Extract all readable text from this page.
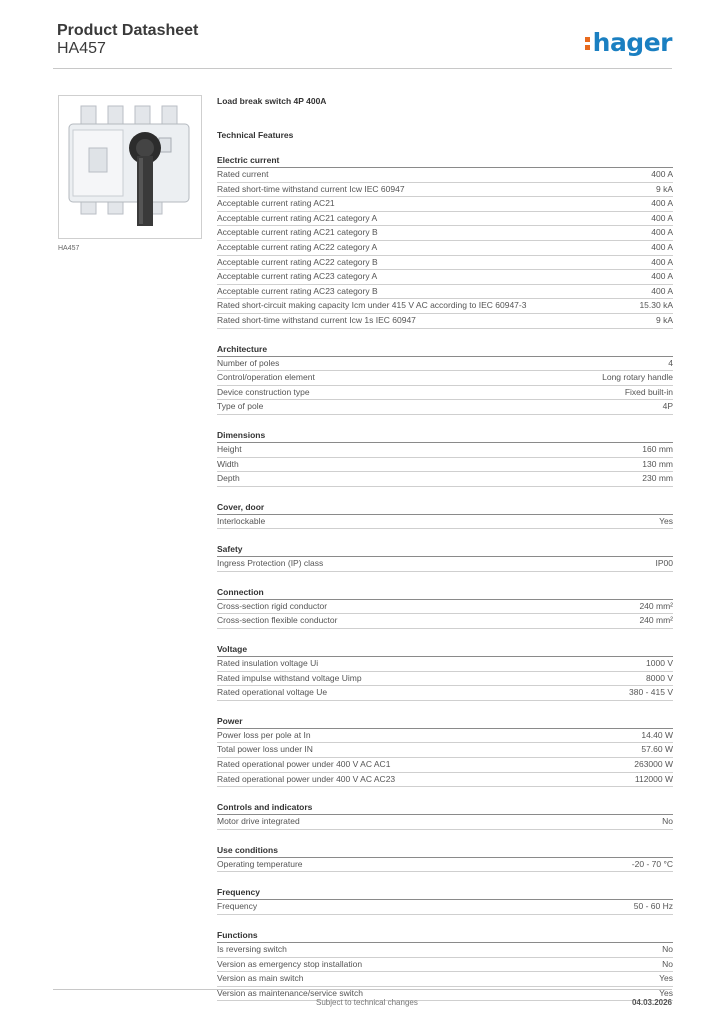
Product Datasheet
HA457	hager
HA457
Load break switch 4P 400A
Technical Features
Electric current
Rated current	400 A
Rated short-time withstand current Icw IEC 60947	9 kA
Acceptable current rating AC21	400 A
Acceptable current rating AC21 category A	400 A
Acceptable current rating AC21 category B	400 A
Acceptable current rating AC22 category A	400 A
Acceptable current rating AC22 category B	400 A
Acceptable current rating AC23 category A	400 A
Acceptable current rating AC23 category B	400 A
Rated short-circuit making capacity Icm under 415 V AC according to IEC 60947-3	15.30 kA
Rated short-time withstand current Icw 1s IEC 60947	9 kA
Architecture
Number of poles	4
Control/operation element	Long rotary handle
Device construction type	Fixed built-in
Type of pole	4P
Dimensions
Height	160 mm
Width	130 mm
Depth	230 mm
Cover, door
Interlockable	Yes
Safety
Ingress Protection (IP) class	IP00
Connection
Cross-section rigid conductor	240 mm²
Cross-section flexible conductor	240 mm²
Voltage
Rated insulation voltage Ui	1000 V
Rated impulse withstand voltage Uimp	8000 V
Rated operational voltage Ue	380 - 415 V
Power
Power loss per pole at In	14.40 W
Total power loss under IN	57.60 W
Rated operational power under 400 V AC AC1	263000 W
Rated operational power under 400 V AC AC23	112000 W
Controls and indicators
Motor drive integrated	No
Use conditions
Operating temperature	-20 - 70 °C
Frequency
Frequency	50 - 60 Hz
Functions
Is reversing switch	No
Version as emergency stop installation	No
Version as main switch	Yes
Version as maintenance/service switch	Yes
Subject to technical changes	04.03.2026
